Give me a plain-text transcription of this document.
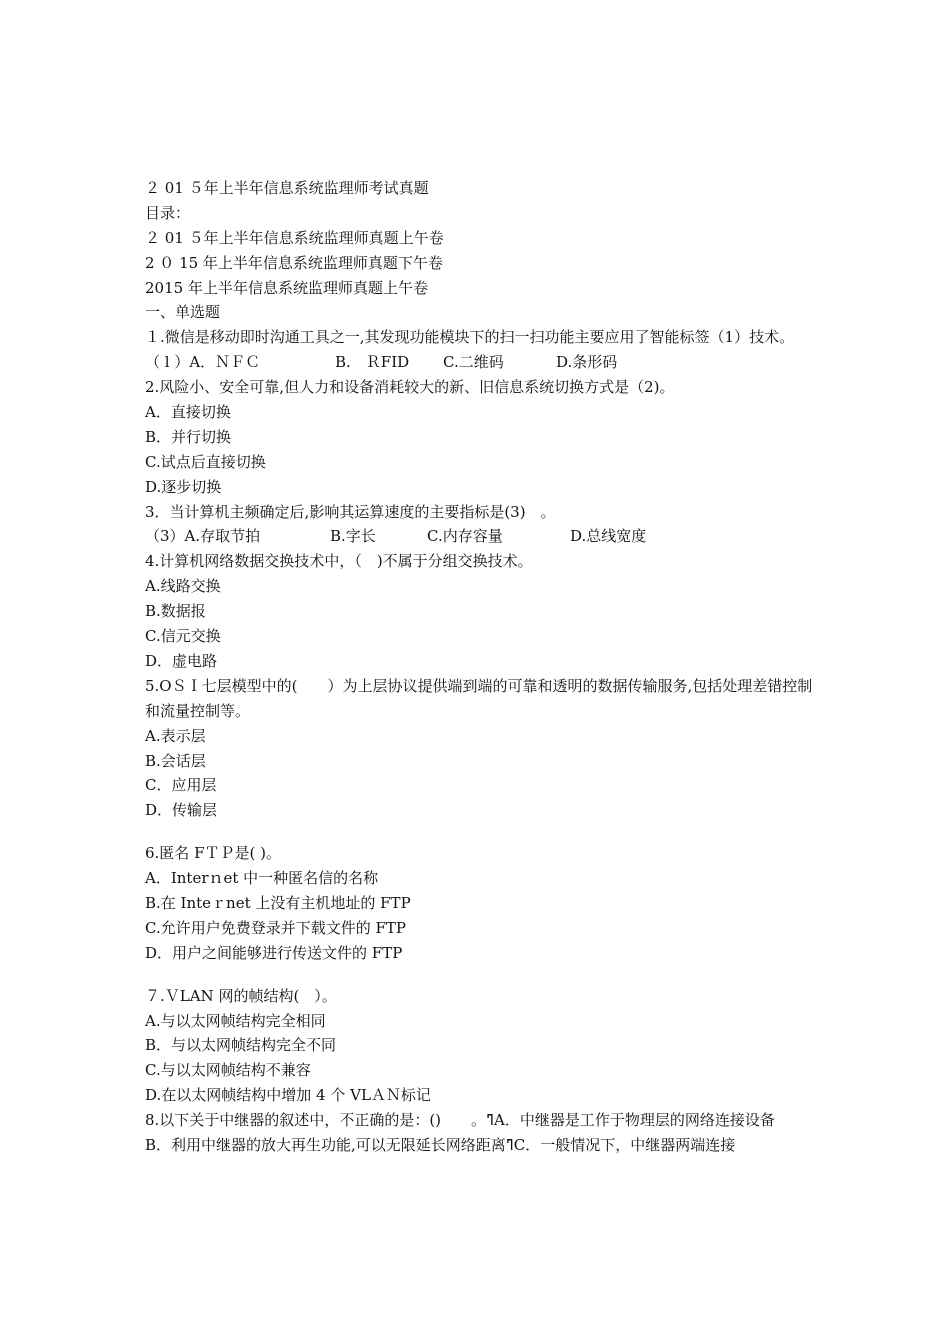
２ 01 ５年上半年信息系统监理师考试真题
目录：
２ 01 ５年上半年信息系统监理师真题上午卷
2 ０ 15 年上半年信息系统监理师真题下午卷
2015 年上半年信息系统监理师真题上午卷
一、单选题
１.微信是移动即时沟通工具之一,其发现功能模块下的扫一扫功能主要应用了智能标签（1）技术。
（ l ）A．ＮＦＣ	B.　ＲFID	C.二维码	D.条形码
2.风险小、安全可靠,但人力和设备消耗较大的新、旧信息系统切换方式是（2)。
A．直接切换
B．并行切换
C.试点后直接切换
D.逐步切换
3．当计算机主频确定后,影响其运算速度的主要指标是(3)　。
（3）A.存取节拍	B.字长	C.内存容量	D.总线宽度
4.计算机网络数据交换技术中，（　)不属于分组交换技术。
A.线路交换
B.数据报
C.信元交换
D．虚电路
5.OＳＩ七层模型中的(　　）为上层协议提供端到端的可靠和透明的数据传输服务,包括处理差错控制和流量控制等。
A.表示层
B.会话层
C．应用层
D．传输层
6.匿名 FＴＰ是( )。
A．Interｎet 中一种匿名信的名称
B.在 Inteｒnet 上没有主机地址的 FTP
C.允许用户免费登录并下载文件的 FTP
D．用户之间能够进行传送文件的 FTP
７.ＶLAN 网的帧结构(　）。
A.与以太网帧结构完全相同
B．与以太网帧结构完全不同
C.与以太网帧结构不兼容
D.在以太网帧结构中增加 4 个 VLＡＮ标记
8.以下关于中继器的叙述中，不正确的是：()　　。ߣA．中继器是工作于物理层的网络连接设备
B．利用中继器的放大再生功能,可以无限延长网络距离ߣC．一般情况下，中继器两端连接
